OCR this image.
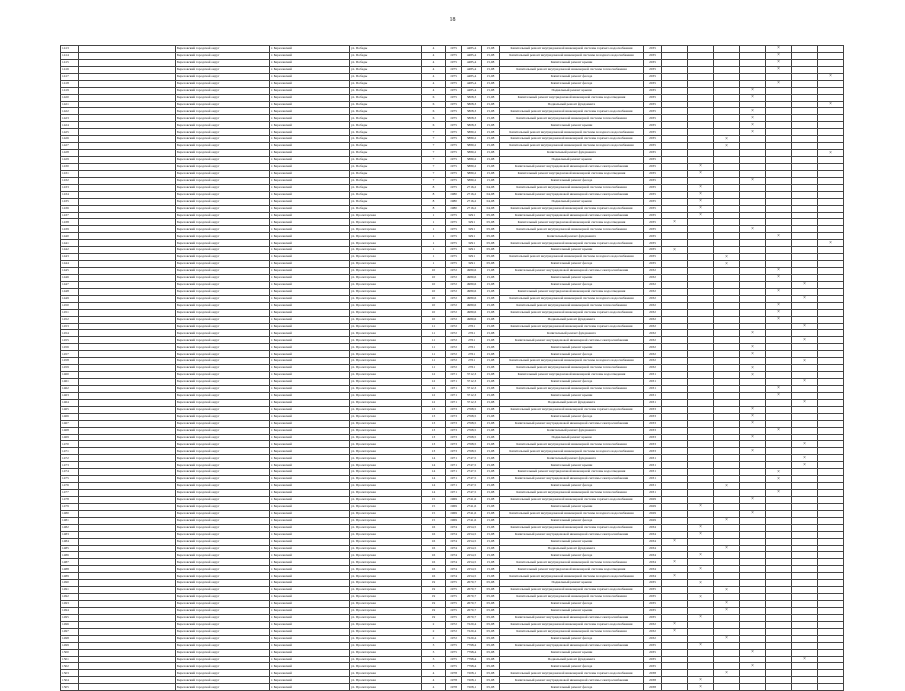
18
1413		Березовский городской округ	г. Березовский	ул. Победы	4	1975	4485,4	15,08	Капитальный ремонт внутридомовой инженерной системы горячего водоснабжения	2035					×		
1414		Березовский городской округ	г. Березовский	ул. Победы	4	1975	4485,4	15,08	Капитальный ремонт внутридомовой инженерной системы холодного водоснабжения	2035					×		
1415		Березовский городской округ	г. Березовский	ул. Победы	4	1975	4485,4	15,08	Капитальный ремонт крыши	2035					×		
1416		Березовский городской округ	г. Березовский	ул. Победы	4	1975	4485,4	15,08	Капитальный ремонт внутридомовой инженерной системы теплоснабжения	2035					×		
1417		Березовский городской округ	г. Березовский	ул. Победы	4	1975	4485,4	15,08	Капитальный ремонт фасада	2035							×
1418		Березовский городской округ	г. Березовский	ул. Победы	4	1975	4485,4	15,08	Капитальный ремонт фасада	2035					×		
1419		Березовский городской округ	г. Березовский	ул. Победы	4	1975	4485,4	15,08	Подвальный ремонт крыши	2035				×			
1420		Березовский городской округ	г. Березовский	ул. Победы	6	1975	5808,3	15,08	Капитальный ремонт внутридомовой инженерной системы водоотведения	2035				×			
1421		Березовский городской округ	г. Березовский	ул. Победы	6	1975	5808,3	15,08	Подвальный ремонт фундамента	2035							×
1422		Березовский городской округ	г. Березовский	ул. Победы	6	1975	5808,3	15,08	Капитальный ремонт внутридомовой инженерной системы горячего водоснабжения	2035				×			
1423		Березовский городской округ	г. Березовский	ул. Победы	6	1975	5808,3	15,08	Капитальный ремонт внутридомовой инженерной системы теплоснабжения	2035				×			
1424		Березовский городской округ	г. Березовский	ул. Победы	6	1975	5808,3	15,08	Капитальный ремонт крыши	2035				×			
1425		Березовский городской округ	г. Березовский	ул. Победы	7	1975	5880,2	15,08	Капитальный ремонт внутридомовой инженерной системы холодного водоснабжения	2035				×			
1426		Березовский городской округ	г. Березовский	ул. Победы	7	1975	5880,2	15,08	Капитальный ремонт внутридомовой инженерной системы горячего водоснабжения	2035			×				
1427		Березовский городской округ	г. Березовский	ул. Победы	7	1975	5880,2	15,08	Капитальный ремонт внутридомовой инженерной системы холодного водоснабжения	2035			×				
1428		Березовский городской округ	г. Березовский	ул. Победы	7	1975	5880,2	15,08	Капитальный ремонт фундамента	2035							×
1429		Березовский городской округ	г. Березовский	ул. Победы	7	1975	5880,2	15,08	Подвальный ремонт крыши	2035							
1430		Березовский городской округ	г. Березовский	ул. Победы	7	1975	5880,2	15,08	Капитальный ремонт внутридомовой инженерной системы электроснабжения	2035		×					
1431		Березовский городской округ	г. Березовский	ул. Победы	7	1975	5880,2	15,08	Капитальный ремонт внутридомовой инженерной системы водоотведения	2035		×					
1432		Березовский городской округ	г. Березовский	ул. Победы	7	1975	5880,2	15,08	Капитальный ремонт фасада	2035				×			
1433		Березовский городской округ	г. Березовский	ул. Победы	8	1975	2716,2	04,08	Капитальный ремонт внутридомовой инженерной системы теплоснабжения	2035		×					
1434		Березовский городской округ	г. Березовский	ул. Победы	8	1980	2716,2	04,08	Капитальный ремонт внутридомовой инженерной системы электроснабжения	2035		×					
1435		Березовский городской округ	г. Березовский	ул. Победы	8	1980	2716,2	04,08	Подвальный ремонт крыши	2035		×					
1436		Березовский городской округ	г. Березовский	ул. Победы	8	1980	2716,2	04,08	Капитальный ремонт внутридомовой инженерной системы горячего водоснабжения	2035		×					
1437		Березовский городской округ	г. Березовский	ул. Пролетарская	1	1975	3291	05,08	Капитальный ремонт внутридомовой инженерной системы электроснабжения	2035		×					
1438		Березовский городской округ	г. Березовский	ул. Пролетарская	1	1975	3291	05,08	Капитальный ремонт внутридомовой инженерной системы водоотведения	2035	×						
1439		Березовский городской округ	г. Березовский	ул. Пролетарская	1	1975	3291	05,08	Капитальный ремонт внутридомовой инженерной системы теплоснабжения	2035				×			
1440		Березовский городской округ	г. Березовский	ул. Пролетарская	1	1975	3291	05,08	Капитальный ремонт фундамента	2035					×		
1441		Березовский городской округ	г. Березовский	ул. Пролетарская	1	1975	3291	05,08	Капитальный ремонт внутридомовой инженерной системы горячего водоснабжения	2035							×
1442		Березовский городской округ	г. Березовский	ул. Пролетарская	1	1975	3291	05,08	Капитальный ремонт крыши	2035	×						
1443		Березовский городской округ	г. Березовский	ул. Пролетарская	1	1975	3291	05,08	Капитальный ремонт внутридомовой инженерной системы холодного водоснабжения	2035			×				
1444		Березовский городской округ	г. Березовский	ул. Пролетарская	1	1975	3291	05,08	Капитальный ремонт фасада	2035			×				
1445		Березовский городской округ	г. Березовский	ул. Пролетарская	10	1972	4980,6	15,08	Капитальный ремонт внутридомовой инженерной системы электроснабжения	2032					×		
1446		Березовский городской округ	г. Березовский	ул. Пролетарская	10	1972	4980,6	15,08	Капитальный ремонт крыши	2032					×		
1447		Березовский городской округ	г. Березовский	ул. Пролетарская	10	1972	4980,6	15,08	Капитальный ремонт фасада	2032						×	
1448		Березовский городской округ	г. Березовский	ул. Пролетарская	10	1972	4980,6	15,08	Капитальный ремонт внутридомовой инженерной системы водоотведения	2032					×		
1449		Березовский городской округ	г. Березовский	ул. Пролетарская	10	1972	4980,6	15,08	Капитальный ремонт внутридомовой инженерной системы холодного водоснабжения	2032						×	
1450		Березовский городской округ	г. Березовский	ул. Пролетарская	10	1972	4980,6	15,08	Капитальный ремонт внутридомовой инженерной системы теплоснабжения	2032					×		
1451		Березовский городской округ	г. Березовский	ул. Пролетарская	10	1972	4980,6	15,08	Капитальный ремонт внутридомовой инженерной системы горячего водоснабжения	2032					×		
1452		Березовский городской округ	г. Березовский	ул. Пролетарская	10	1972	4980,6	15,08	Подвальный ремонт фундамента	2032					×		
1453		Березовский городской округ	г. Березовский	ул. Пролетарская	11	1972	2761	15,08	Капитальный ремонт внутридомовой инженерной системы горячего водоснабжения	2032						×	
1454		Березовский городской округ	г. Березовский	ул. Пролетарская	11	1972	2761	15,08	Капитальный ремонт фундамента	2032				×			
1455		Березовский городской округ	г. Березовский	ул. Пролетарская	11	1972	2761	15,08	Капитальный ремонт внутридомовой инженерной системы электроснабжения	2032						×	
1456		Березовский городской округ	г. Березовский	ул. Пролетарская	11	1972	2761	15,08	Капитальный ремонт крыши	2032				×			
1457		Березовский городской округ	г. Березовский	ул. Пролетарская	11	1972	2761	15,08	Капитальный ремонт фасада	2032				×			
1458		Березовский городской округ	г. Березовский	ул. Пролетарская	11	1972	2761	15,08	Капитальный ремонт внутридомовой инженерной системы холодного водоснабжения	2032						×	
1459		Березовский городской округ	г. Березовский	ул. Пролетарская	11	1972	2761	15,08	Капитальный ремонт внутридомовой инженерной системы теплоснабжения	2032				×			
1460		Березовский городской округ	г. Березовский	ул. Пролетарская	12	1971	3712,3	15,08	Капитальный ремонт внутридомовой инженерной системы водоотведения	2031				×			
1461		Березовский городской округ	г. Березовский	ул. Пролетарская	12	1971	3712,3	15,08	Капитальный ремонт фасада	2031						×	
1462		Березовский городской округ	г. Березовский	ул. Пролетарская	12	1971	3712,3	15,08	Капитальный ремонт внутридомовой инженерной системы теплоснабжения	2031					×		
1463		Березовский городской округ	г. Березовский	ул. Пролетарская	12	1971	3712,3	15,08	Капитальный ремонт крыши	2031					×		
1464		Березовский городской округ	г. Березовский	ул. Пролетарская	12	1971	3712,3	15,08	Подвальный ремонт фундамента	2031						×	
1465		Березовский городской округ	г. Березовский	ул. Пролетарская	13	1973	2768,5	15,08	Капитальный ремонт внутридомовой инженерной системы горячего водоснабжения	2033				×			
1466		Березовский городской округ	г. Березовский	ул. Пролетарская	13	1973	2768,5	15,08	Капитальный ремонт фасада	2033				×			
1467		Березовский городской округ	г. Березовский	ул. Пролетарская	13	1973	2768,5	15,08	Капитальный ремонт внутридомовой инженерной системы электроснабжения	2033				×			
1468		Березовский городской округ	г. Березовский	ул. Пролетарская	13	1973	2768,5	15,08	Капитальный ремонт фундамента	2033					×		
1469		Березовский городской округ	г. Березовский	ул. Пролетарская	13	1973	2768,5	15,08	Подвальный ремонт крыши	2033				×			
1470		Березовский городской округ	г. Березовский	ул. Пролетарская	13	1973	2768,5	15,08	Капитальный ремонт внутридомовой инженерной системы теплоснабжения	2033						×	
1471		Березовский городской округ	г. Березовский	ул. Пролетарская	13	1973	2768,5	15,08	Капитальный ремонт внутридомовой инженерной системы холодного водоснабжения	2033				×			
1472		Березовский городской округ	г. Березовский	ул. Пролетарская	14	1971	2747,5	15,08	Капитальный ремонт фундамента	2031						×	
1473		Березовский городской округ	г. Березовский	ул. Пролетарская	14	1971	2747,5	15,08	Капитальный ремонт крыши	2031						×	
1474		Березовский городской округ	г. Березовский	ул. Пролетарская	14	1971	2747,5	15,08	Капитальный ремонт внутридомовой инженерной системы водоотведения	2031					×		
1475		Березовский городской округ	г. Березовский	ул. Пролетарская	14	1971	2747,5	15,08	Капитальный ремонт внутридомовой инженерной системы электроснабжения	2031					×		
1476		Березовский городской округ	г. Березовский	ул. Пролетарская	14	1971	2747,5	15,08	Капитальный ремонт фасада	2031			×				
1477		Березовский городской округ	г. Березовский	ул. Пролетарская	14	1971	2747,5	15,08	Капитальный ремонт внутридомовой инженерной системы теплоснабжения	2031					×		
1478		Березовский городской округ	г. Березовский	ул. Пролетарская	15	1969	2741,6	15,08	Капитальный ремонт внутридомовой инженерной системы горячего водоснабжения	2029				×			
1479		Березовский городской округ	г. Березовский	ул. Пролетарская	15	1969	2741,6	15,08	Капитальный ремонт крыши	2029		×					
1480		Березовский городской округ	г. Березовский	ул. Пролетарская	15	1969	2741,6	15,08	Капитальный ремонт внутридомовой инженерной системы холодного водоснабжения	2029				×			
1481		Березовский городской округ	г. Березовский	ул. Пролетарская	15	1969	2741,6	15,08	Капитальный ремонт фасада	2029			×				
1482		Березовский городской округ	г. Березовский	ул. Пролетарская	16	1974	2254,5	15,08	Капитальный ремонт внутридомовой инженерной системы горячего водоснабжения	2034		×					
1483		Березовский городской округ	г. Березовский	ул. Пролетарская	16	1974	2254,5	15,08	Капитальный ремонт внутридомовой инженерной системы электроснабжения	2034		×					
1484		Березовский городской округ	г. Березовский	ул. Пролетарская	16	1974	2254,5	15,08	Капитальный ремонт крыши	2034	×						
1485		Березовский городской округ	г. Березовский	ул. Пролетарская	16	1974	2254,5	15,08	Подвальный ремонт фундамента	2034			×				
1486		Березовский городской округ	г. Березовский	ул. Пролетарская	16	1974	2254,5	15,08	Капитальный ремонт фасада	2034		×					
1487		Березовский городской округ	г. Березовский	ул. Пролетарская	16	1974	2254,5	15,08	Капитальный ремонт внутридомовой инженерной системы теплоснабжения	2034	×						
1488		Березовский городской округ	г. Березовский	ул. Пролетарская	16	1974	2254,5	15,08	Капитальный ремонт внутридомовой инженерной системы водоотведения	2034		×					
1489		Березовский городской округ	г. Березовский	ул. Пролетарская	16	1974	2254,5	15,08	Капитальный ремонт внутридомовой инженерной системы холодного водоснабжения	2034	×						
1490		Березовский городской округ	г. Березовский	ул. Пролетарская	19	1975	2670,7	05,08	Подвальный ремонт крыши	2035		×					
1491		Березовский городской округ	г. Березовский	ул. Пролетарская	19	1975	2670,7	05,08	Капитальный ремонт внутридомовой инженерной системы горячего водоснабжения	2035			×				
1492		Березовский городской округ	г. Березовский	ул. Пролетарская	19	1975	2670,7	05,08	Капитальный ремонт внутридомовой инженерной системы теплоснабжения	2035		×					
1493		Березовский городской округ	г. Березовский	ул. Пролетарская	19	1975	2670,7	05,08	Капитальный ремонт фасада	2035			×				
1494		Березовский городской округ	г. Березовский	ул. Пролетарская	19	1975	2670,7	05,08	Капитальный ремонт крыши	2035			×				
1495		Березовский городской округ	г. Березовский	ул. Пролетарская	19	1975	2670,7	05,08	Капитальный ремонт внутридомовой инженерной системы электроснабжения	2035		×					
1496		Березовский городской округ	г. Березовский	ул. Пролетарская	2	1972	7220,4	05,08	Капитальный ремонт внутридомовой инженерной системы горячего водоснабжения	2032	×						
1497		Березовский городской округ	г. Березовский	ул. Пролетарская	2	1972	7220,4	05,08	Капитальный ремонт внутридомовой инженерной системы теплоснабжения	2032	×						
1498		Березовский городской округ	г. Березовский	ул. Пролетарская	2	1972	7220,4	05,08	Капитальный ремонт фасада	2032			×				
1499		Березовский городской округ	г. Березовский	ул. Пролетарская	3	1975	7798,4	05,08	Капитальный ремонт внутридомовой инженерной системы электроснабжения	2035		×					
1500		Березовский городской округ	г. Березовский	ул. Пролетарская	3	1975	7798,4	05,08	Капитальный ремонт крыши	2035				×			
1501		Березовский городской округ	г. Березовский	ул. Пролетарская	3	1975	7798,4	05,08	Подвальный ремонт фундамента	2035						×	
1502		Березовский городской округ	г. Березовский	ул. Пролетарская	3	1975	7798,4	05,08	Капитальный ремонт фасада	2035				×			
1503		Березовский городской округ	г. Березовский	ул. Пролетарская	4	1978	7208,1	05,08	Капитальный ремонт внутридомовой инженерной системы горячего водоснабжения	2038			×				
1504		Березовский городской округ	г. Березовский	ул. Пролетарская	4	1978	7208,1	05,08	Капитальный ремонт внутридомовой инженерной системы электроснабжения	2038		×					
1505		Березовский городской округ	г. Березовский	ул. Пролетарская	4	1978	7208,1	05,08	Капитальный ремонт фасада	2038		×					
